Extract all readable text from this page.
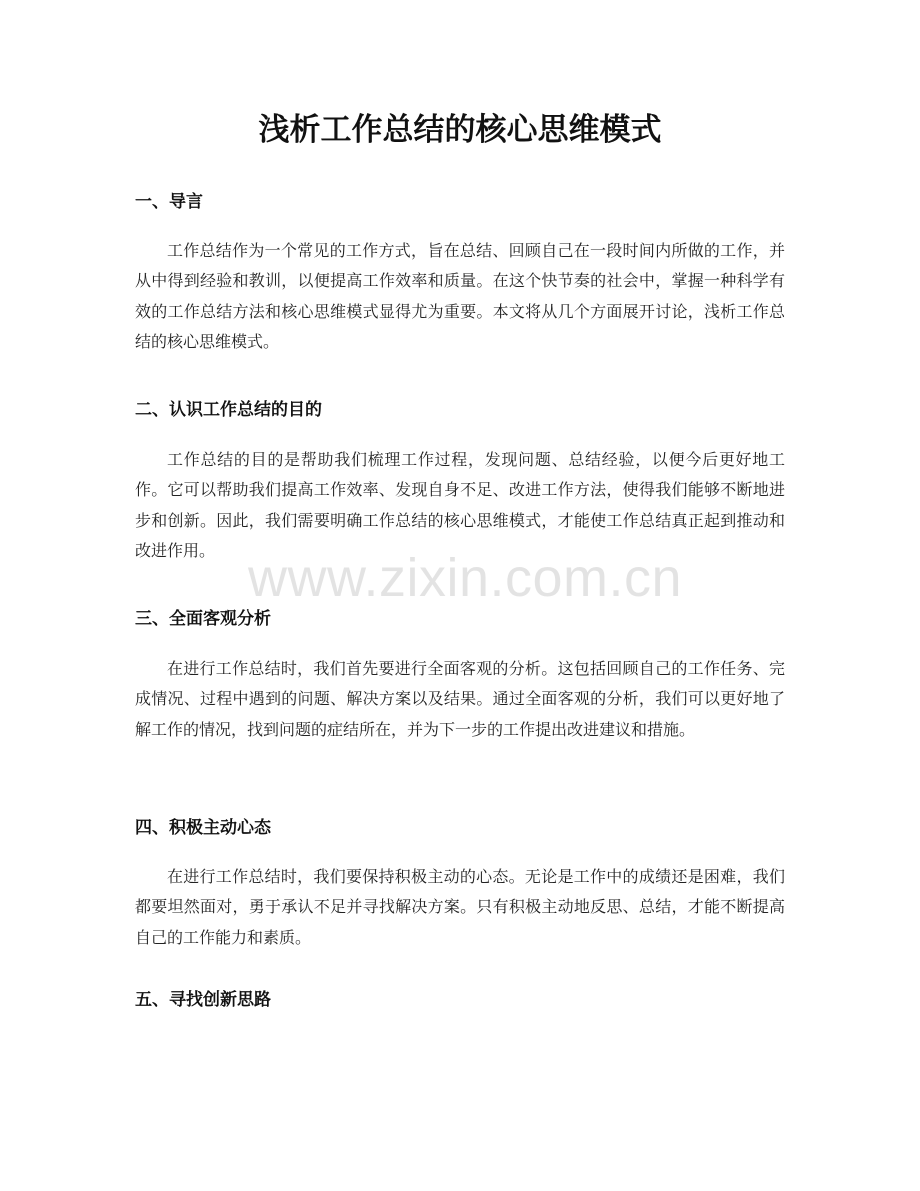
浅析工作总结的核心思维模式
一、导言

工作总结作为一个常见的工作方式，旨在总结、回顾自己在一段时间内所做的工作，并从中得到经验和教训，以便提高工作效率和质量。在这个快节奏的社会中，掌握一种科学有效的工作总结方法和核心思维模式显得尤为重要。本文将从几个方面展开讨论，浅析工作总结的核心思维模式。

二、认识工作总结的目的

工作总结的目的是帮助我们梳理工作过程，发现问题、总结经验，以便今后更好地工作。它可以帮助我们提高工作效率、发现自身不足、改进工作方法，使得我们能够不断地进步和创新。因此，我们需要明确工作总结的核心思维模式，才能使工作总结真正起到推动和改进作用。

三、全面客观分析

在进行工作总结时，我们首先要进行全面客观的分析。这包括回顾自己的工作任务、完成情况、过程中遇到的问题、解决方案以及结果。通过全面客观的分析，我们可以更好地了解工作的情况，找到问题的症结所在，并为下一步的工作提出改进建议和措施。

四、积极主动心态

在进行工作总结时，我们要保持积极主动的心态。无论是工作中的成绩还是困难，我们都要坦然面对，勇于承认不足并寻找解决方案。只有积极主动地反思、总结，才能不断提高自己的工作能力和素质。

五、寻找创新思路
www.zixin.com.cn
